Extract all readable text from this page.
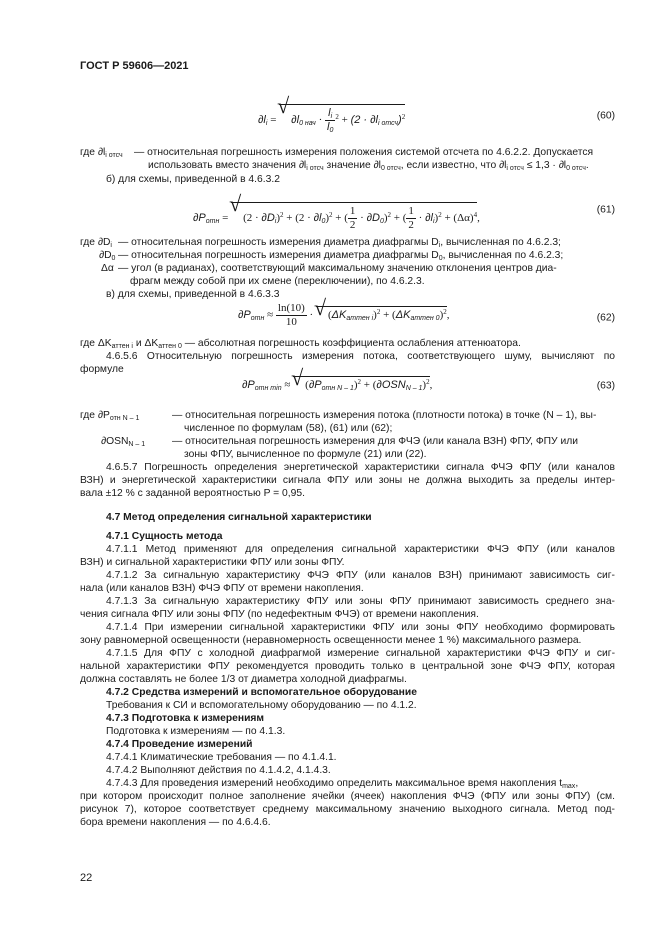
ГОСТ Р 59606—2021
$\partial l_i$ = √ $\partial l_{0 нач} \cdot \frac{l_i}{l_0} ^2 + (2 \cdot \partial l_{i отсч})^2$	(60)
где $\partial l_{i отсч}$ — относительная погрешность измерения положения системой отсчета по 4.6.2.2. Допускается
использовать вместо значения $\partial l_{i отсч}$ значение $\partial l_{0 отсч}$, если известно, что $\partial l_{i отсч} \le 1,3 \cdot \partial l_{0 отсч}$.
б) для схемы, приведенной в 4.6.3.2
$\partial P_{отн}$ = √ $(2 \cdot \partial D_i)^2 + (2 \cdot \partial l_0)^2$ + ( $\frac{1}{2} \cdot \partial D_0)^2$ + ( $\frac{1}{2} \cdot \partial l_i)^2 + (\Delta\alpha)^4$,
(61)
где $\partial D_i$ — относительная погрешность измерения диаметра диафрагмы $D_i$, вычисленная по 4.6.2.3;
$\partial D_0$ — относительная погрешность измерения диаметра диафрагмы $D_0$, вычисленная по 4.6.2.3;
Δα — угол (в радианах), соответствующий максимальному значению отклонения центров диа-
фрагм между собой при их смене (переключении), по 4.6.2.3.
в) для схемы, приведенной в 4.6.3.3
$\partial P_{отн} \approx \frac{\ln(10)}{10}$ · √ $(\Delta K_{аттен i})^2 + (\Delta K_{аттен 0})^2$,	(62)
где $\Delta K_{аттен i}$ и $\Delta K_{аттен 0}$ — абсолютная погрешность коэффициента ослабления аттенюатора.
4.6.5.6 Относительную погрешность измерения потока, соответствующего шуму, вычисляют по
формуле
$\partial P_{отн min}$ ≈ √ $(\partial P_{отн N - 1})^2 + (\partial OSN_{N - 1})^2$,	(63)
где $\partial P_{отн N - 1}$	— относительная погрешность измерения потока (плотности потока) в точке (N – 1), вы-
численное по формулам (58), (61) или (62);
$\partial OSN_{N - 1}$	— относительная погрешность измерения для ФЧЭ (или канала ВЗН) ФПУ, ФПУ или
зоны ФПУ, вычисленное по формуле (21) или (22).
4.6.5.7 Погрешность определения энергетической характеристики сигнала ФЧЭ ФПУ (или каналов
ВЗН) и энергетической характеристики сигнала ФПУ или зоны не должна выходить за пределы интер-
вала ±12 % с заданной вероятностью P = 0,95.
4.7 Метод определения сигнальной характеристики
4.7.1 Сущность метода
4.7.1.1 Метод применяют для определения сигнальной характеристики ФЧЭ ФПУ (или каналов
ВЗН) и сигнальной характеристики ФПУ или зоны ФПУ.
4.7.1.2 За сигнальную характеристику ФЧЭ ФПУ (или каналов ВЗН) принимают зависимость сиг-
нала (или каналов ВЗН) ФЧЭ ФПУ от времени накопления.
4.7.1.3 За сигнальную характеристику ФПУ или зоны ФПУ принимают зависимость среднего зна-
чения сигнала ФПУ или зоны ФПУ (по недефектным ФЧЭ) от времени накопления.
4.7.1.4 При измерении сигнальной характеристики ФПУ или зоны ФПУ необходимо формировать
зону равномерной освещенности (неравномерность освещенности менее 1 %) максимального размера.
4.7.1.5 Для ФПУ с холодной диафрагмой измерение сигнальной характеристики ФЧЭ ФПУ и сиг-
нальной характеристики ФПУ рекомендуется проводить только в центральной зоне ФЧЭ ФПУ, которая
должна составлять не более 1/3 от диаметра холодной диафрагмы.
4.7.2 Средства измерений и вспомогательное оборудование
Требования к СИ и вспомогательному оборудованию — по 4.1.2.
4.7.3 Подготовка к измерениям
Подготовка к измерениям — по 4.1.3.
4.7.4 Проведение измерений
4.7.4.1 Климатические требования — по 4.1.4.1.
4.7.4.2 Выполняют действия по 4.1.4.2, 4.1.4.3.
4.7.4.3 Для проведения измерений необходимо определить максимальное время накопления $t_{max}$,
при котором происходит полное заполнение ячейки (ячеек) накопления ФЧЭ (ФПУ или зоны ФПУ) (см.
рисунок 7), которое соответствует среднему максимальному значению выходного сигнала. Метод под-
бора времени накопления — по 4.6.4.6.
22
